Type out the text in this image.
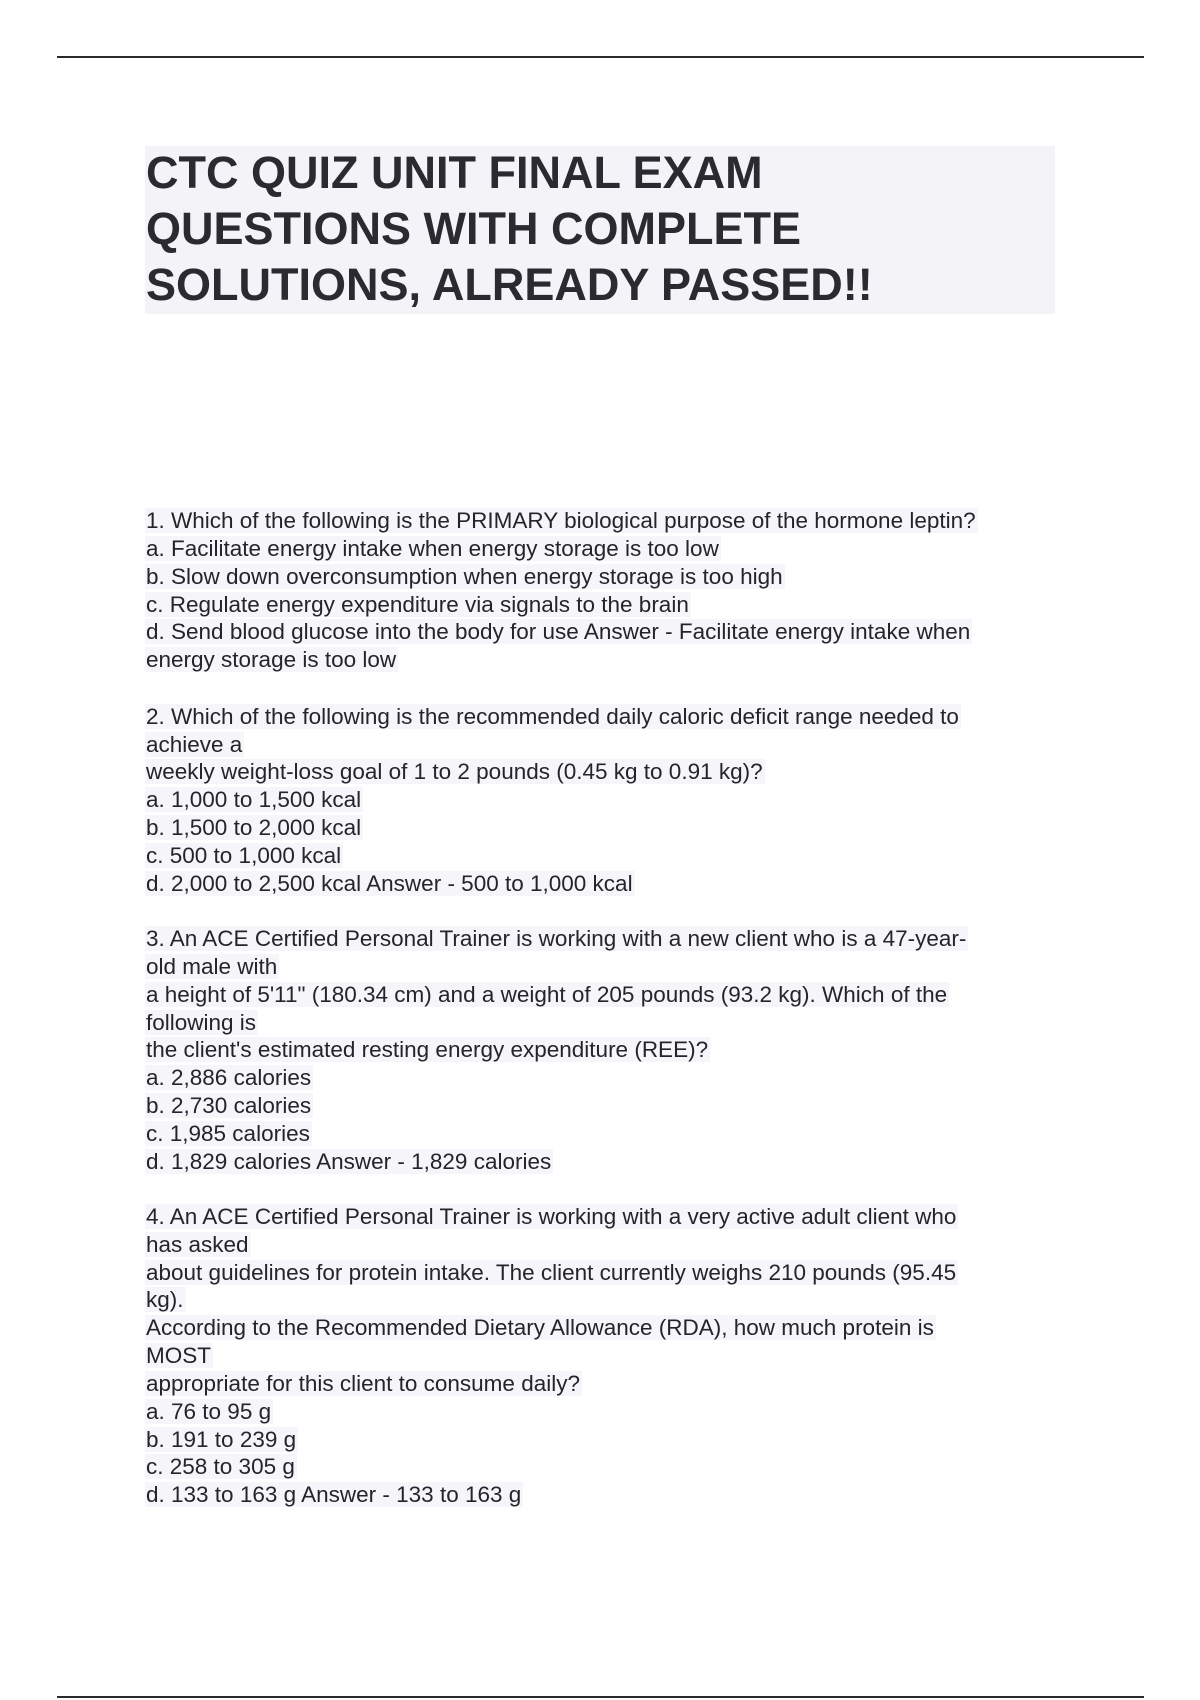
CTC QUIZ UNIT FINAL EXAM
QUESTIONS WITH COMPLETE
SOLUTIONS, ALREADY PASSED!!
1. Which of the following is the PRIMARY biological purpose of the hormone leptin?
a. Facilitate energy intake when energy storage is too low
b. Slow down overconsumption when energy storage is too high
c. Regulate energy expenditure via signals to the brain
d. Send blood glucose into the body for use Answer - Facilitate energy intake when
energy storage is too low
2. Which of the following is the recommended daily caloric deficit range needed to
achieve a
weekly weight-loss goal of 1 to 2 pounds (0.45 kg to 0.91 kg)?
a. 1,000 to 1,500 kcal
b. 1,500 to 2,000 kcal
c. 500 to 1,000 kcal
d. 2,000 to 2,500 kcal Answer - 500 to 1,000 kcal
3. An ACE Certified Personal Trainer is working with a new client who is a 47-year-
old male with
a height of 5'11" (180.34 cm) and a weight of 205 pounds (93.2 kg). Which of the
following is
the client's estimated resting energy expenditure (REE)?
a. 2,886 calories
b. 2,730 calories
c. 1,985 calories
d. 1,829 calories Answer - 1,829 calories
4. An ACE Certified Personal Trainer is working with a very active adult client who
has asked
about guidelines for protein intake. The client currently weighs 210 pounds (95.45
kg).
According to the Recommended Dietary Allowance (RDA), how much protein is
MOST
appropriate for this client to consume daily?
a. 76 to 95 g
b. 191 to 239 g
c. 258 to 305 g
d. 133 to 163 g Answer - 133 to 163 g
